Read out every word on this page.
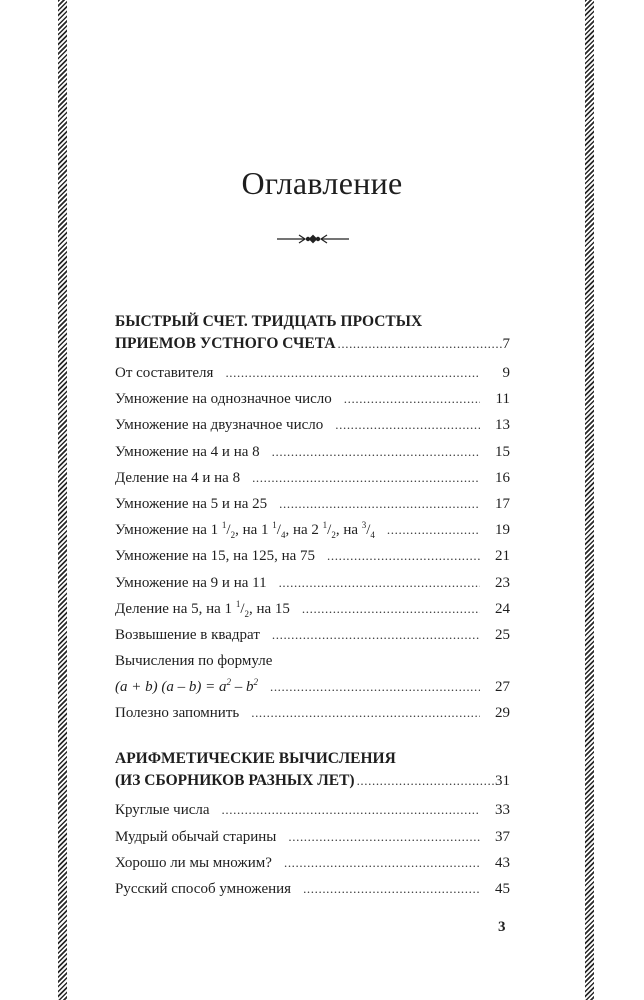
Оглавление
БЫСТРЫЙ СЧЕТ. ТРИДЦАТЬ ПРОСТЫХ
ПРИЕМОВ УСТНОГО СЧЕТА .....	7
От составителя .....	9
Умножение на однозначное число .....	11
Умножение на двузначное число .....	13
Умножение на 4 и на 8 .....	15
Деление на 4 и на 8 .....	16
Умножение на 5 и на 25 .....	17
Умножение на 1 $^1/_2$, на 1 $^1/_4$, на 2 $^1/_2$, на $^3/_4$ .....	19
Умножение на 15, на 125, на 75 .....	21
Умножение на 9 и на 11 .....	23
Деление на 5, на 1 $^1/_2$, на 15 .....	24
Возвышение в квадрат .....	25
Вычисления по формуле
(a + b) $(a - b) = a^2 - b^2$ .....	27
Полезно запомнить .....	29
АРИФМЕТИЧЕСКИЕ ВЫЧИСЛЕНИЯ
(ИЗ СБОРНИКОВ РАЗНЫХ ЛЕТ) .....	31
Круглые числа .....	33
Мудрый обычай старины .....	37
Хорошо ли мы множим? .....	43
Русский способ умножения .....	45
3
